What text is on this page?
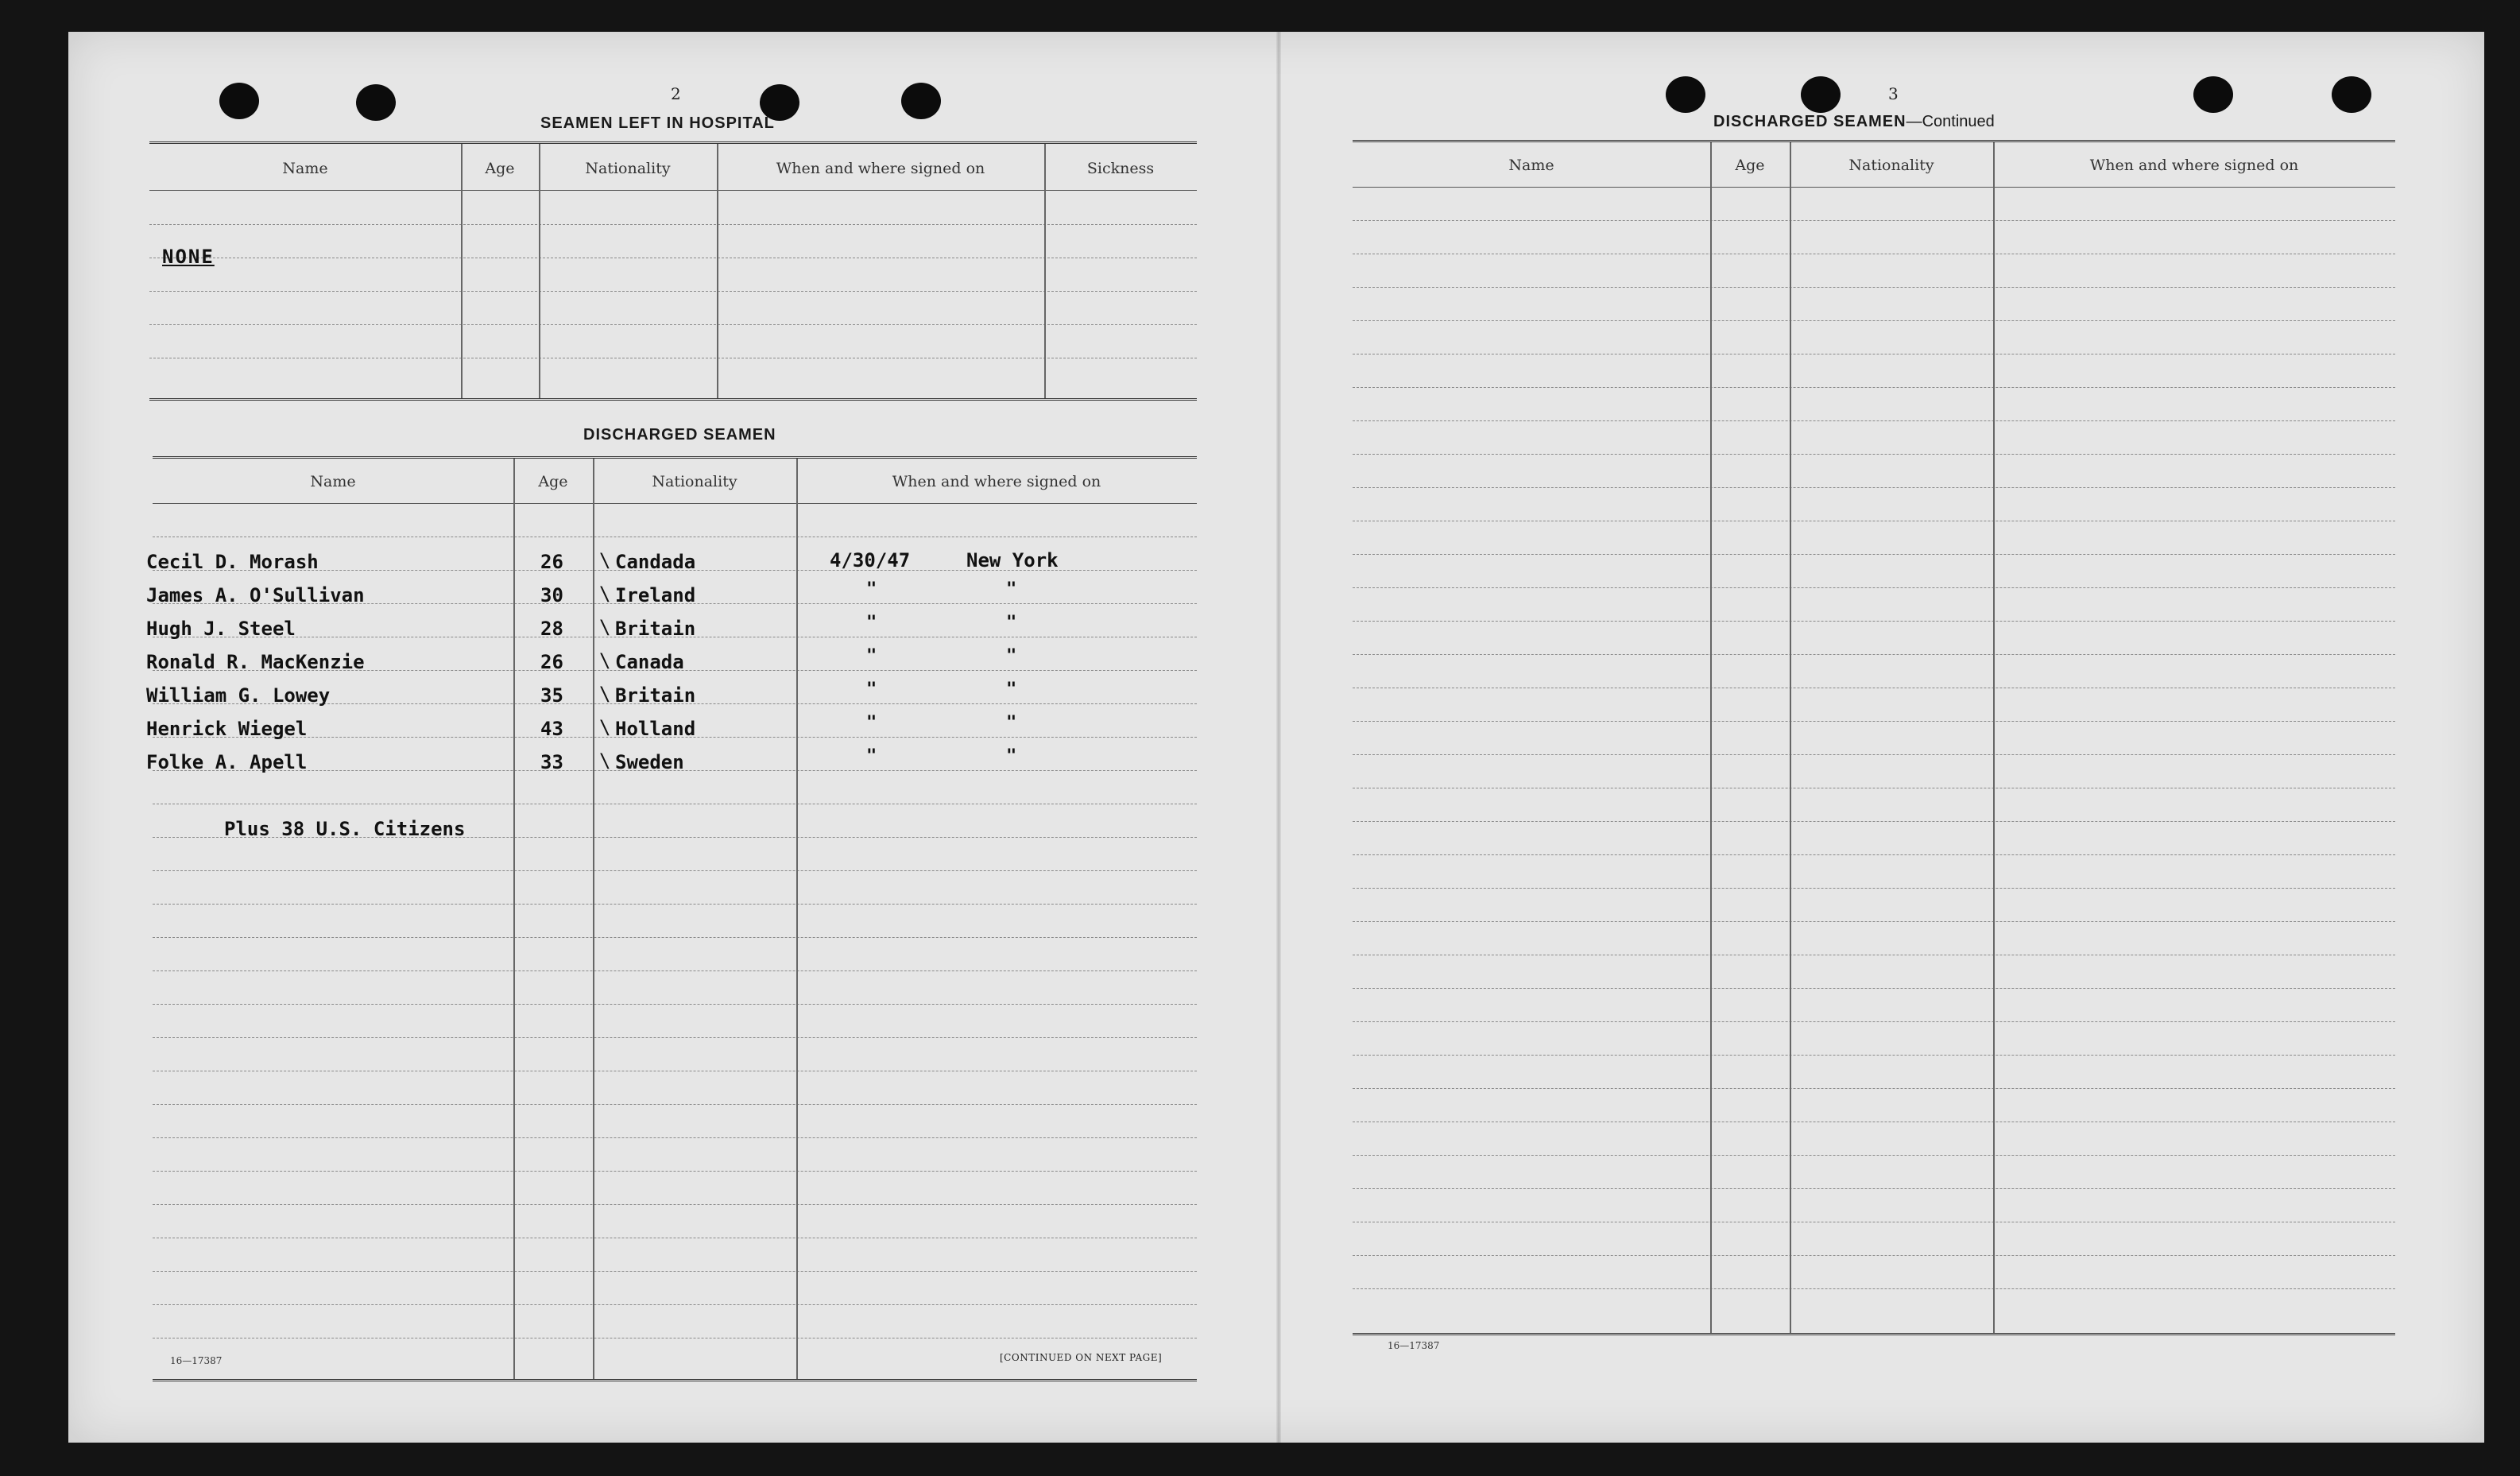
2
SEAMEN LEFT IN HOSPITAL
Name	Age	Nationality	When and where signed on	Sickness
NONE
DISCHARGED SEAMEN
Name	Age	Nationality	When and where signed on
Cecil D. Morash	26 \ Candada	4/30/47	New York
James A. O'Sullivan	30 \ Ireland	"	"
Hugh J. Steel	28 \ Britain	"	"
Ronald R. MacKenzie	26 \ Canada	"	"
William G. Lowey	35 \ Britain	"	"
Henrick Wiegel	43 \ Holland	"	"
Folke A. Apell	33 \ Sweden	"	"
Plus 38 U.S. Citizens
16—17387	[CONTINUED ON NEXT PAGE]
3
DISCHARGED SEAMEN—Continued
Name	Age	Nationality	When and where signed on
16—17387
